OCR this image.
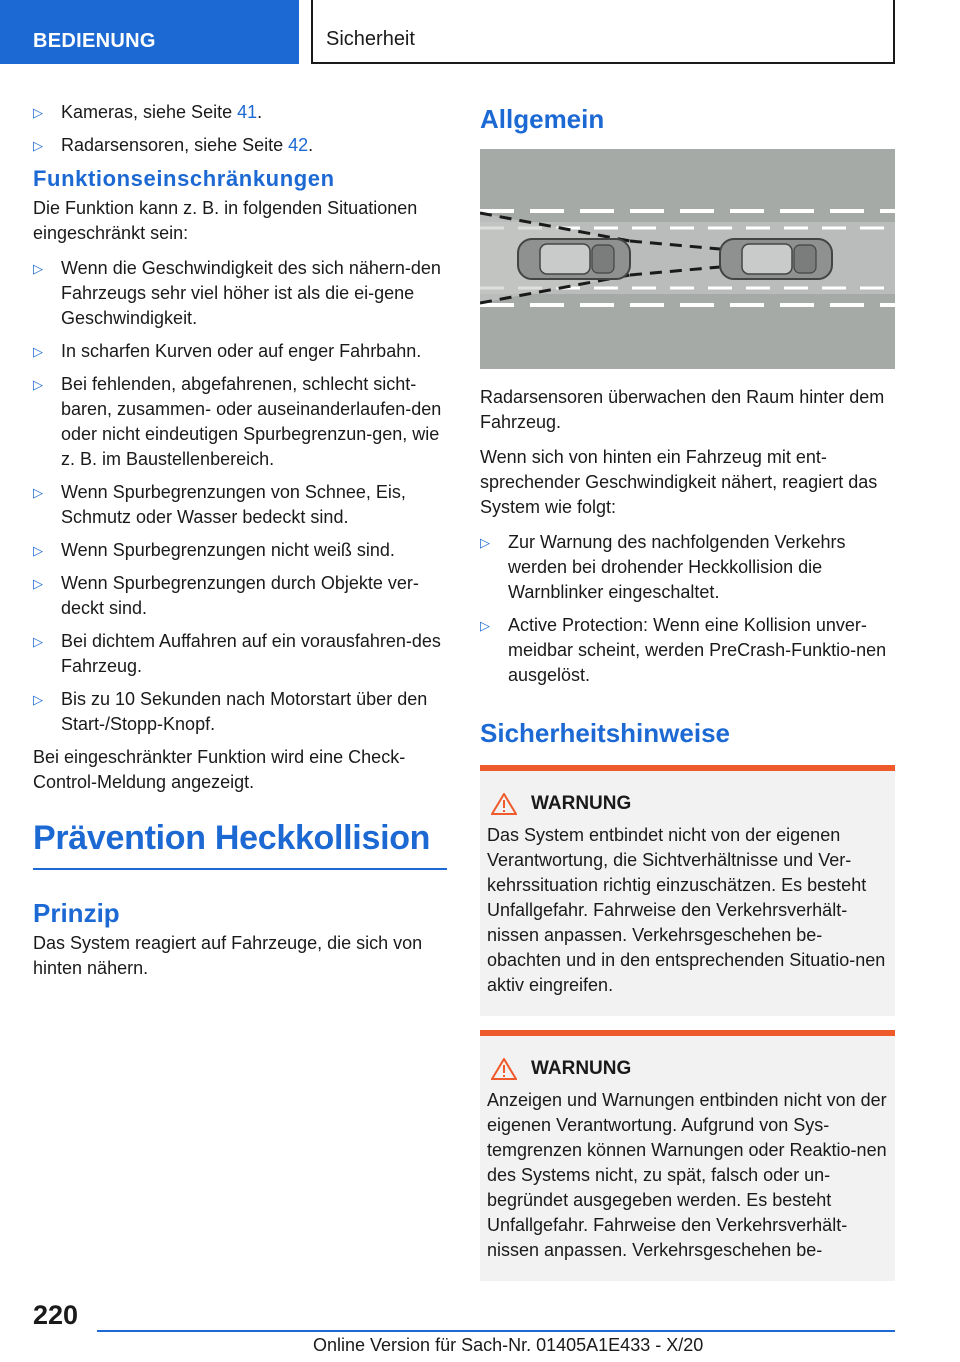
BEDIENUNG	Sicherheit
▷ Kameras, siehe Seite 41.
▷ Radarsensoren, siehe Seite 42.
Funktionseinschränkungen

Die Funktion kann z. B. in folgenden Situationen eingeschränkt sein:

▷ Wenn die Geschwindigkeit des sich nähern‐den Fahrzeugs sehr viel höher ist als die ei‐gene Geschwindigkeit.
▷ In scharfen Kurven oder auf enger Fahrbahn.
▷ Bei fehlenden, abgefahrenen, schlecht sicht‐baren, zusammen- oder auseinanderlaufen‐den oder nicht eindeutigen Spurbegrenzun‐gen, wie z. B. im Baustellenbereich.
▷ Wenn Spurbegrenzungen von Schnee, Eis, Schmutz oder Wasser bedeckt sind.
▷ Wenn Spurbegrenzungen nicht weiß sind.
▷ Wenn Spurbegrenzungen durch Objekte ver‐deckt sind.
▷ Bei dichtem Auffahren auf ein vorausfahren‐des Fahrzeug.
▷ Bis zu 10 Sekunden nach Motorstart über den Start-/Stopp-Knopf.

Bei eingeschränkter Funktion wird eine Check-Control-Meldung angezeigt.

Prävention Heckkollision
Prinzip

Das System reagiert auf Fahrzeuge, die sich von hinten nähern.

Allgemein

Radarsensoren überwachen den Raum hinter dem Fahrzeug.

Wenn sich von hinten ein Fahrzeug mit ent‐sprechender Geschwindigkeit nähert, reagiert das System wie folgt:

▷ Zur Warnung des nachfolgenden Verkehrs werden bei drohender Heckkollision die Warnblinker eingeschaltet.
▷ Active Protection: Wenn eine Kollision unver‐meidbar scheint, werden PreCrash-Funktio‐nen ausgelöst.
Sicherheitshinweise
WARNUNG

Das System entbindet nicht von der eigenen Verantwortung, die Sichtverhältnisse und Ver‐kehrssituation richtig einzuschätzen. Es besteht Unfallgefahr. Fahrweise den Verkehrsverhält‐nissen anpassen. Verkehrsgeschehen be‐obachten und in den entsprechenden Situatio‐nen aktiv eingreifen.

WARNUNG

Anzeigen und Warnungen entbinden nicht von der eigenen Verantwortung. Aufgrund von Sys‐temgrenzen können Warnungen oder Reaktio‐nen des Systems nicht, zu spät, falsch oder un‐begründet ausgegeben werden. Es besteht Unfallgefahr. Fahrweise den Verkehrsverhält‐nissen anpassen. Verkehrsgeschehen be‐

220
Online Version für Sach-Nr. 01405A1E433 - X/20
